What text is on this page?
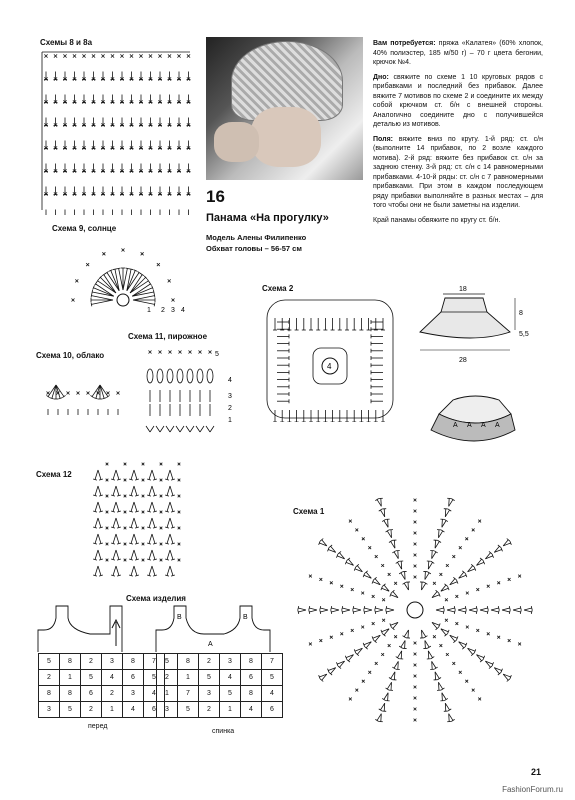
Схемы 8 и 8а
Схема 9, солнце
Схема 10, облако
Схема 11, пирожное
Схема 12
Схема 2
Схема 1
Схема изделия
1 2 3 4
5
4
3
2
1
16
Панама «На прогулку»
Модель Алены Филипенко
Обхват головы – 56-57 см

Вам потребуется: пряжа «Калатея» (60% хлопок, 40% полиэстер, 185 м/50 г) – 70 г цвета бегонии, крючок №4.

Дно: свяжите по схеме 1 10 круговых рядов с прибавками и последний без прибавок. Далее вяжите 7 мотивов по схеме 2 и соедините их между собой крючком ст. б/н с внешней стороны. Аналогично соедините дно с получившейся деталью из мотивов.

Поля: вяжите вниз по кругу. 1-й ряд: ст. с/н (выполните 14 прибавок, по 2 возле каждого мотива). 2-й ряд: вяжите без прибавок ст. с/н за заднюю стенку. 3-й ряд: ст. с/н с 14 равномерными прибавками. 4-10-й ряды: ст. с/н с 7 равномерными прибавками. При этом в каждом последующем ряду прибавки выполняйте в разных местах – для того чтобы они не были заметны на изделии.

Край панамы обвяжите по кругу ст. б/н.

18
8
5,5
28
А А А А
4
В	В
А
5	8	2	3	8	7
2	1	5	4	6	5
8	8	6	2	3	4
3	5	2	1	4	6
перед
5	8	2	3	8	7
2	1	5	4	6	5
1	7	3	5	8	4
3	5	2	1	4	6
спинка
21
FashionForum.ru
